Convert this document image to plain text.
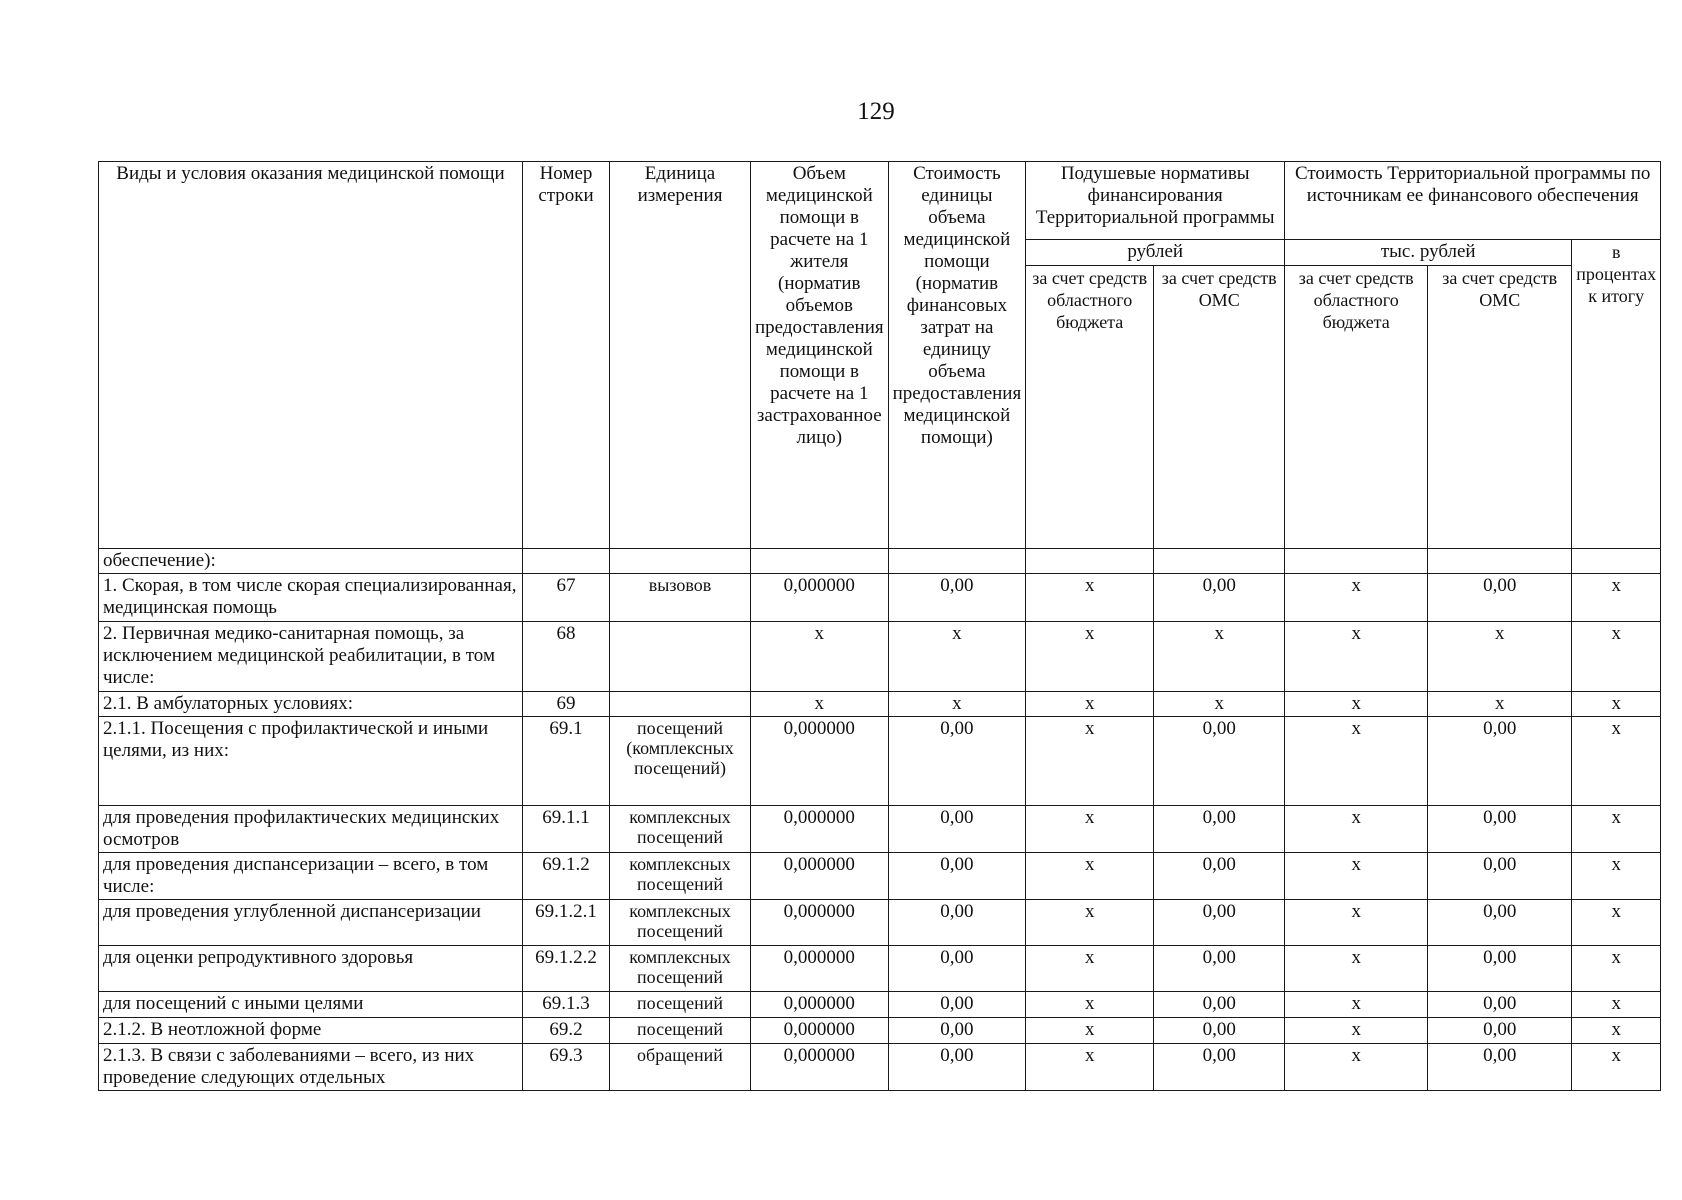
129
Виды и условия оказания медицинской помощи	Номер строки	Единица измерения	Объем медицинской помощи в расчете на 1 жителя (норматив объемов предоставления медицинской помощи в расчете на 1 застрахованное лицо)	Стоимость единицы объема медицинской помощи (норматив финансовых затрат на единицу объема предоставления медицинской помощи)	Подушевые нормативы финансирования Территориальной программы		Стоимость Территориальной программы по источникам ее финансового обеспечения		
					рублей		тыс. рублей		в процентах к итогу
					за счет средств областного бюджета	за счет средств ОМС	за счет средств областного бюджета	за счет средств ОМС	
обеспечение):									
1. Скорая, в том числе скорая специализированная, медицинская помощь	67	вызовов	0,000000	0,00	х	0,00	х	0,00	х
2. Первичная медико-санитарная помощь, за исключением медицинской реабилитации, в том числе:	68		х	х	х	х	х	х	х
2.1. В амбулаторных условиях:	69		х	х	х	х	х	х	х
2.1.1. Посещения с профилактической и иными целями, из них:	69.1	посещений (комплексных посещений)	0,000000	0,00	х	0,00	х	0,00	х
для проведения профилактических медицинских осмотров	69.1.1	комплексных посещений	0,000000	0,00	х	0,00	х	0,00	х
для проведения диспансеризации – всего, в том числе:	69.1.2	комплексных посещений	0,000000	0,00	х	0,00	х	0,00	х
для проведения углубленной диспансеризации	69.1.2.1	комплексных посещений	0,000000	0,00	х	0,00	х	0,00	х
для оценки репродуктивного здоровья	69.1.2.2	комплексных посещений	0,000000	0,00	х	0,00	х	0,00	х
для посещений с иными целями	69.1.3	посещений	0,000000	0,00	х	0,00	х	0,00	х
2.1.2. В неотложной форме	69.2	посещений	0,000000	0,00	х	0,00	х	0,00	х
2.1.3. В связи с заболеваниями – всего, из них проведение следующих отдельных	69.3	обращений	0,000000	0,00	х	0,00	х	0,00	х
